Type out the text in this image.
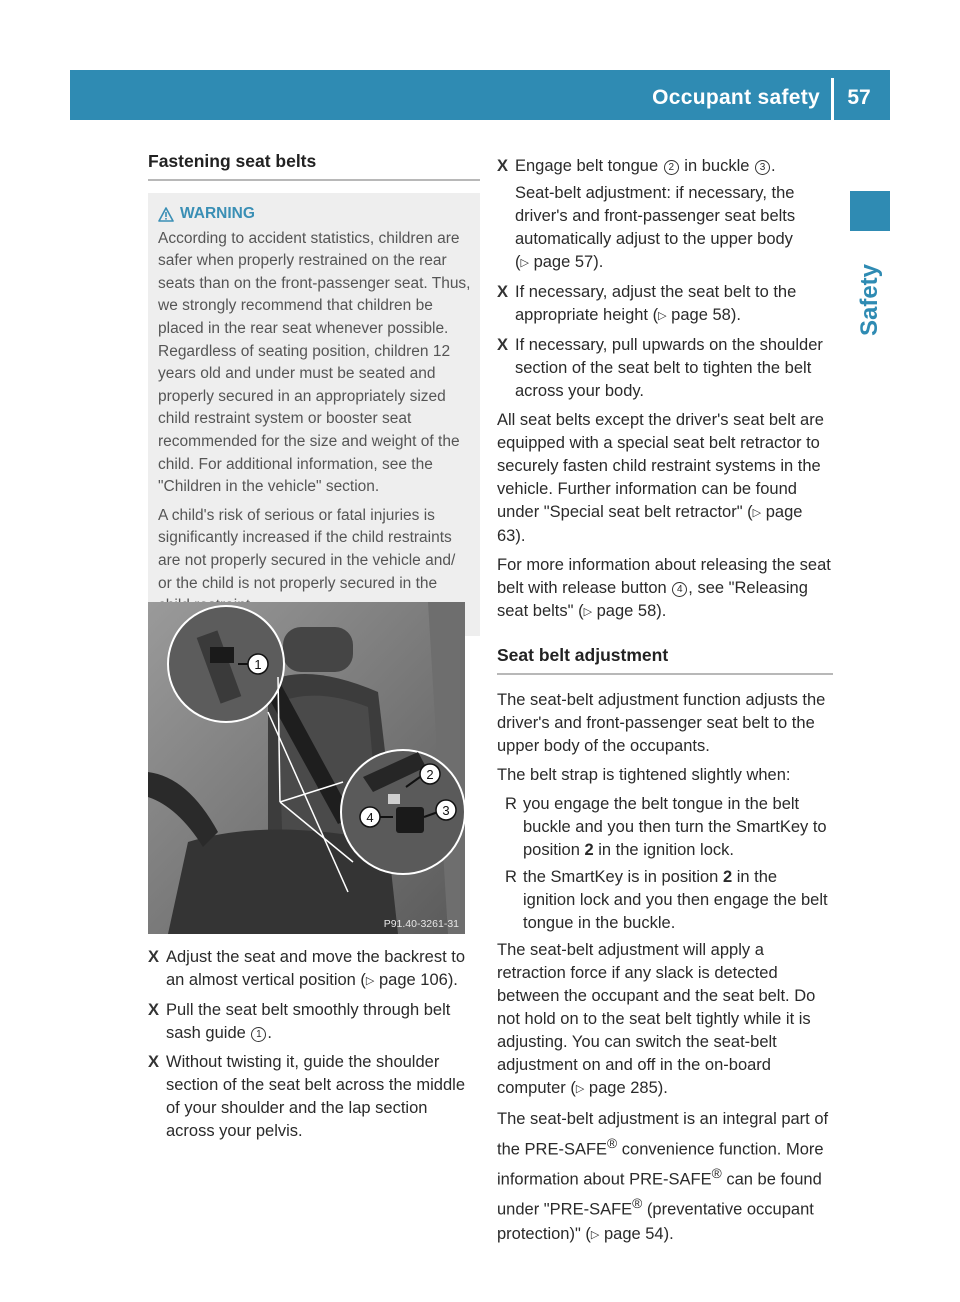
Occupant safety	57
Safety
Fastening seat belts
WARNING

According to accident statistics, children are safer when properly restrained on the rear seats than on the front-passenger seat. Thus, we strongly recommend that children be placed in the rear seat whenever possible. Regardless of seating position, children 12 years old and under must be seated and properly secured in an appropriately sized child restraint system or booster seat recommended for the size and weight of the child. For additional information, see the "Children in the vehicle" section.

A child's risk of serious or fatal injuries is significantly increased if the child restraints are not properly secured in the vehicle and/ or the child is not properly secured in the

1
2
3
4
P91.40-3261-31
X Adjust the seat and move the backrest to an almost vertical position (▷ page 106).
X Pull the seat belt smoothly through belt sash guide 1 .
X Without twisting it, guide the shoulder section of the seat belt across the middle of your shoulder and the lap section across your pelvis.
X Engage belt tongue 2 in buckle 3 .
Seat-belt adjustment: if necessary, the driver's and front-passenger seat belts automatically adjust to the upper body (▷ page 57).
X If necessary, adjust the seat belt to the appropriate height (▷ page 58).
X If necessary, pull upwards on the shoulder section of the seat belt to tighten the belt across your body.

All seat belts except the driver's seat belt are equipped with a special seat belt retractor to securely fasten child restraint systems in the vehicle. Further information can be found under "Special seat belt retractor" (▷ page 63).

For more information about releasing the seat belt with release button 4 , see "Releasing seat belts" (▷ page 58).

Seat belt adjustment

The seat-belt adjustment function adjusts the driver's and front-passenger seat belt to the upper body of the occupants.

The belt strap is tightened slightly when:

R you engage the belt tongue in the belt buckle and you then turn the SmartKey to position 2 in the ignition lock.
R the SmartKey is in position 2 in the ignition lock and you then engage the belt tongue in the buckle.

The seat-belt adjustment will apply a retraction force if any slack is detected between the occupant and the seat belt. Do not hold on to the seat belt tightly while it is adjusting. You can switch the seat-belt adjustment on and off in the on-board computer (▷ page 285).

The seat-belt adjustment is an integral part of the PRE-SAFE® convenience function. More information about PRE-SAFE® can be found under "PRE-SAFE® (preventative occupant protection)" (▷ page 54).
